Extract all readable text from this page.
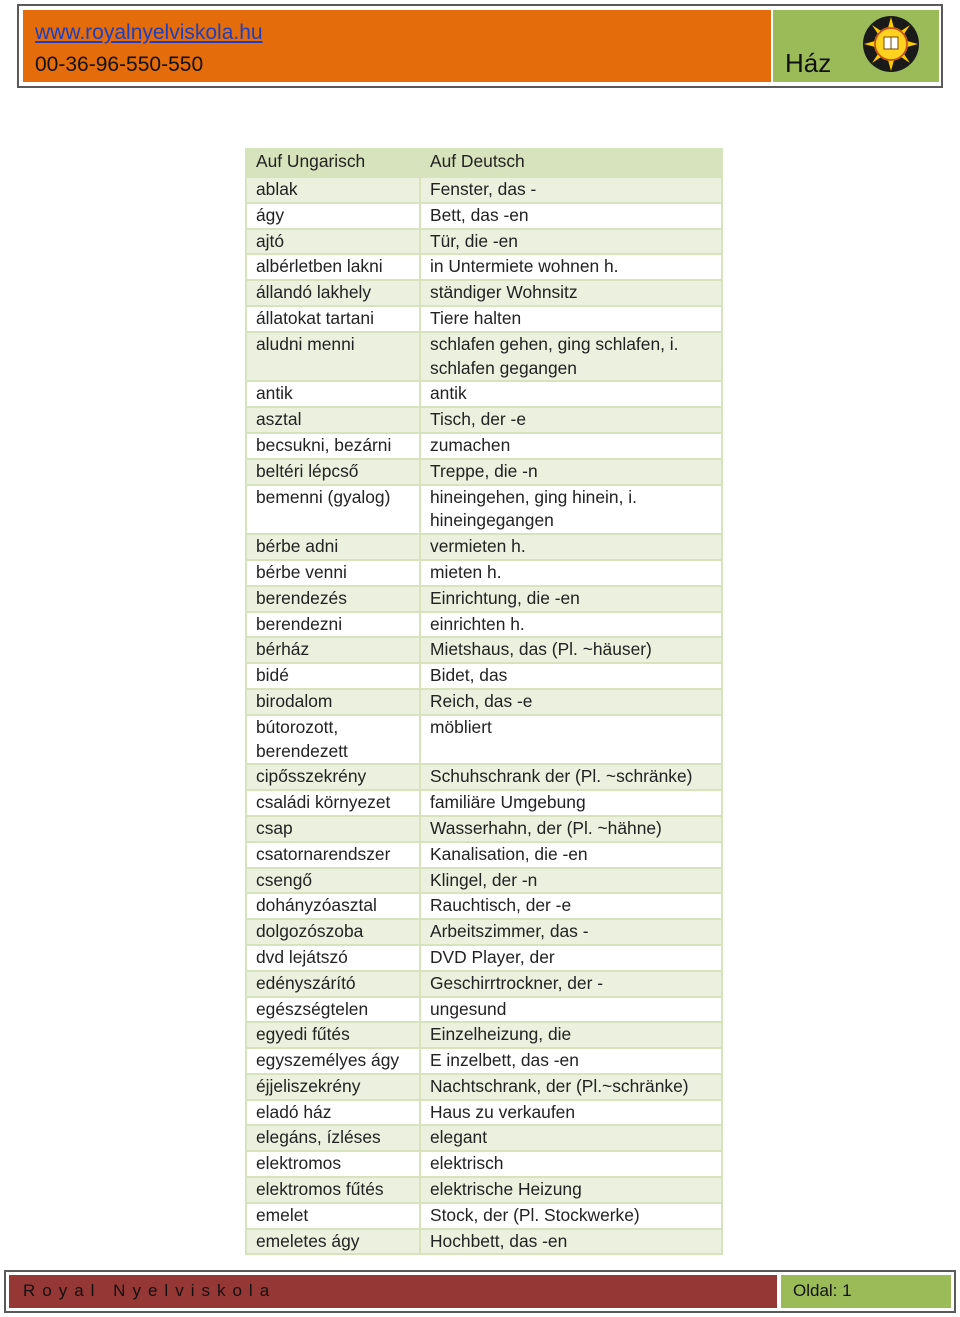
www.royalnyelviskola.hu
00-36-96-550-550	Ház
Auf Ungarisch	Auf Deutsch
ablak	Fenster, das -
ágy	Bett, das -en
ajtó	Tür, die -en
albérletben lakni	in Untermiete wohnen h.
állandó lakhely	ständiger Wohnsitz
állatokat tartani	Tiere halten
aludni menni	schlafen gehen, ging schlafen, i. schlafen gegangen
antik	antik
asztal	Tisch, der -e
becsukni, bezárni	zumachen
beltéri lépcső	Treppe, die -n
bemenni (gyalog)	hineingehen, ging hinein, i. hineingegangen
bérbe adni	vermieten h.
bérbe venni	mieten h.
berendezés	Einrichtung, die -en
berendezni	einrichten h.
bérház	Mietshaus, das (Pl. ~häuser)
bidé	Bidet, das
birodalom	Reich, das -e
bútorozott, berendezett	möbliert
cipősszekrény	Schuhschrank der (Pl. ~schränke)
családi környezet	familiäre Umgebung
csap	Wasserhahn, der (Pl. ~hähne)
csatornarendszer	Kanalisation, die -en
csengő	Klingel, der -n
dohányzóasztal	Rauchtisch, der -e
dolgozószoba	Arbeitszimmer, das -
dvd lejátszó	DVD Player, der
edényszárító	Geschirrtrockner, der -
egészségtelen	ungesund
egyedi fűtés	Einzelheizung, die
egyszemélyes ágy	E inzelbett, das -en
éjjeliszekrény	Nachtschrank, der (Pl.~schränke)
eladó ház	Haus zu verkaufen
elegáns, ízléses	elegant
elektromos	elektrisch
elektromos fűtés	elektrische Heizung
emelet	Stock, der (Pl. Stockwerke)
emeletes ágy	Hochbett, das -en
Royal Nyelviskola	Oldal: 1
